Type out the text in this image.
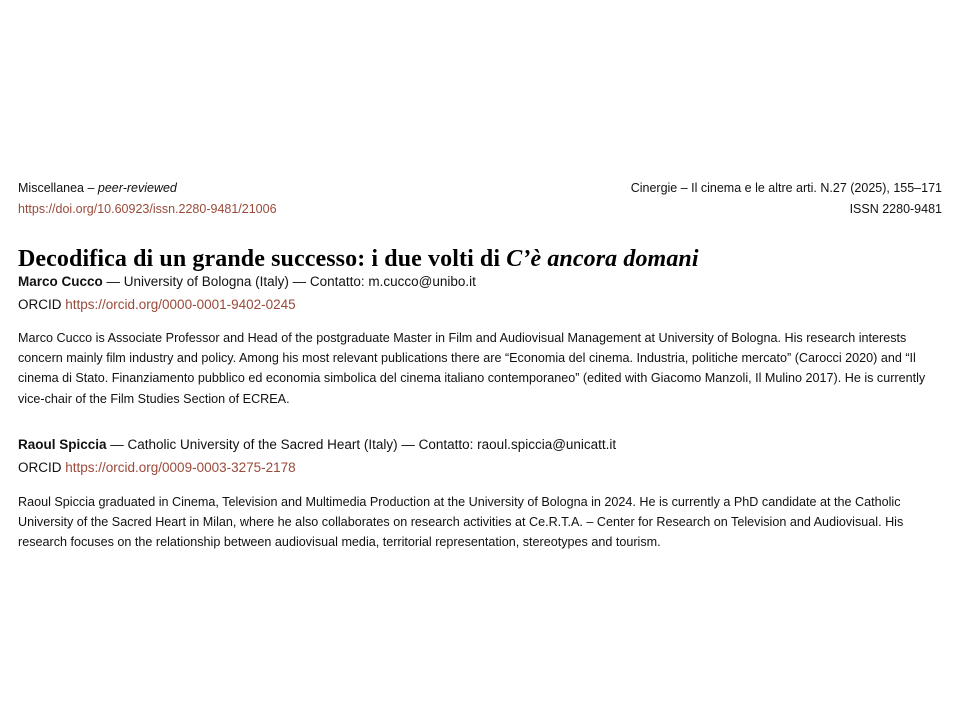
Miscellanea – peer-reviewed
https://doi.org/10.60923/issn.2280-9481/21006
Cinergie – Il cinema e le altre arti. N.27 (2025), 155–171
ISSN 2280-9481
Decodifica di un grande successo: i due volti di C’è ancora domani
Marco Cucco — University of Bologna (Italy) — Contatto: m.cucco@unibo.it
ORCID https://orcid.org/0000-0001-9402-0245
Marco Cucco is Associate Professor and Head of the postgraduate Master in Film and Audiovisual Management at University of Bologna. His research interests concern mainly film industry and policy. Among his most relevant publications there are “Economia del cinema. Industria, politiche mercato” (Carocci 2020) and “Il cinema di Stato. Finanziamento pubblico ed economia simbolica del cinema italiano contemporaneo” (edited with Giacomo Manzoli, Il Mulino 2017). He is currently vice-chair of the Film Studies Section of ECREA.
Raoul Spiccia — Catholic University of the Sacred Heart (Italy) — Contatto: raoul.spiccia@unicatt.it
ORCID https://orcid.org/0009-0003-3275-2178
Raoul Spiccia graduated in Cinema, Television and Multimedia Production at the University of Bologna in 2024. He is currently a PhD candidate at the Catholic University of the Sacred Heart in Milan, where he also collaborates on research activities at Ce.R.T.A. – Center for Research on Television and Audiovisual. His research focuses on the relationship between audiovisual media, territorial representation, stereotypes and tourism.
